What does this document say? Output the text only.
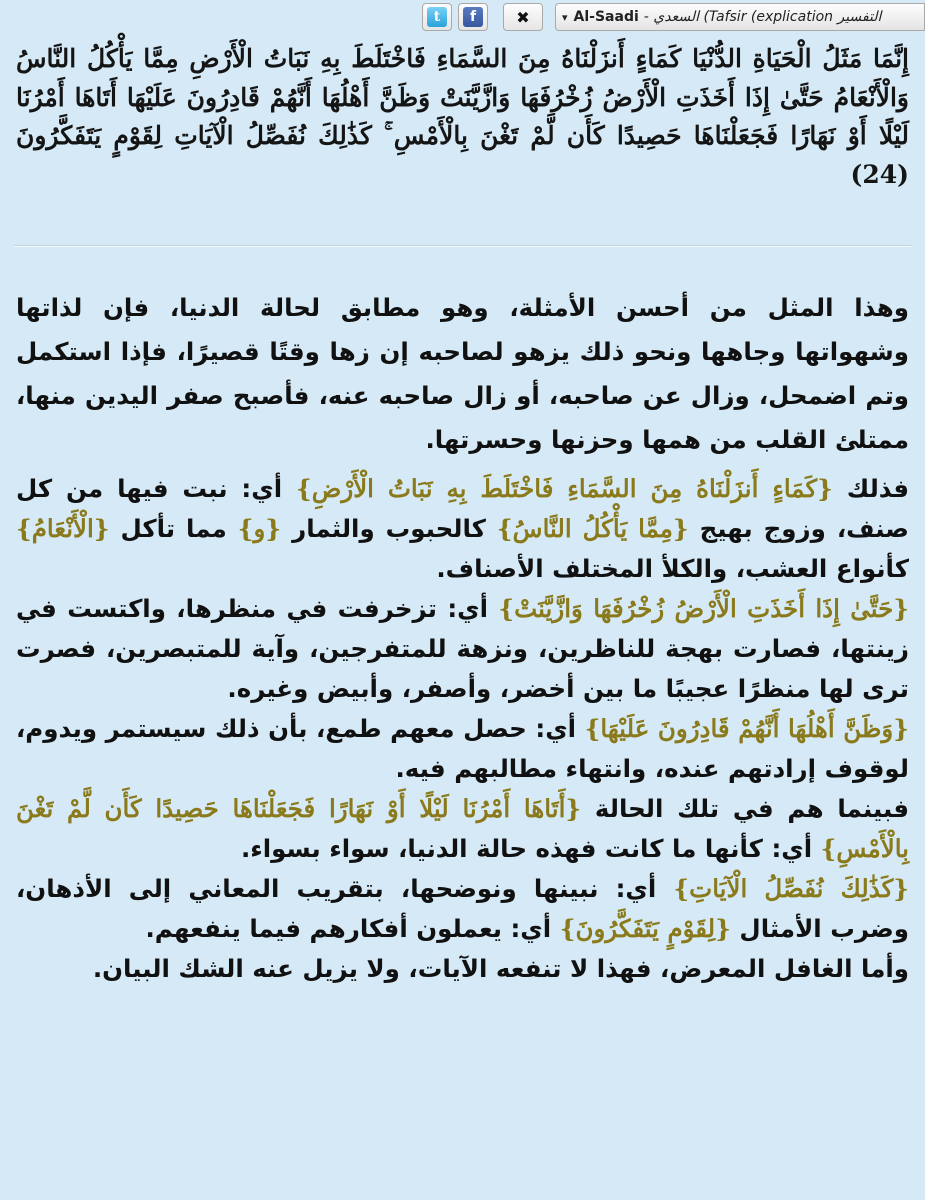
t	f	✖	▾ Al-Saadi - السعدي (Tafsir (explication التفسير
إِنَّمَا مَثَلُ الْحَيَاةِ الدُّنْيَا كَمَاءٍ أَنزَلْنَاهُ مِنَ السَّمَاءِ فَاخْتَلَطَ بِهِ نَبَاتُ الْأَرْضِ مِمَّا يَأْكُلُ النَّاسُ وَالْأَنْعَامُ حَتَّىٰ إِذَا أَخَذَتِ الْأَرْضُ زُخْرُفَهَا وَازَّيَّنَتْ وَظَنَّ أَهْلُهَا أَنَّهُمْ قَادِرُونَ عَلَيْهَا أَتَاهَا أَمْرُنَا لَيْلًا أَوْ نَهَارًا فَجَعَلْنَاهَا حَصِيدًا كَأَن لَّمْ تَغْنَ بِالْأَمْسِ ۚ كَذَٰلِكَ نُفَصِّلُ الْآيَاتِ لِقَوْمٍ يَتَفَكَّرُونَ (24)

وهذا المثل من أحسن الأمثلة، وهو مطابق لحالة الدنيا، فإن لذاتها وشهواتها وجاهها ونحو ذلك يزهو لصاحبه إن زها وقتًا قصيرًا، فإذا استكمل وتم اضمحل، وزال عن صاحبه، أو زال صاحبه عنه، فأصبح صفر اليدين منها، ممتلئ القلب من همها وحزنها وحسرتها.

فذلك {كَمَاءٍ أَنزَلْنَاهُ مِنَ السَّمَاءِ فَاخْتَلَطَ بِهِ نَبَاتُ الْأَرْضِ} أي: نبت فيها من كل صنف، وزوج بهيج {مِمَّا يَأْكُلُ النَّاسُ} كالحبوب والثمار {و} مما تأكل {الْأَنْعَامُ} كأنواع العشب، والكلأ المختلف الأصناف.

{حَتَّىٰ إِذَا أَخَذَتِ الْأَرْضُ زُخْرُفَهَا وَازَّيَّنَتْ} أي: تزخرفت في منظرها، واكتست في زينتها، فصارت بهجة للناظرين، ونزهة للمتفرجين، وآية للمتبصرين، فصرت ترى لها منظرًا عجيبًا ما بين أخضر، وأصفر، وأبيض وغيره.

{وَظَنَّ أَهْلُهَا أَنَّهُمْ قَادِرُونَ عَلَيْهَا} أي: حصل معهم طمع، بأن ذلك سيستمر ويدوم، لوقوف إرادتهم عنده، وانتهاء مطالبهم فيه.

فبينما هم في تلك الحالة {أَتَاهَا أَمْرُنَا لَيْلًا أَوْ نَهَارًا فَجَعَلْنَاهَا حَصِيدًا كَأَن لَّمْ تَغْنَ بِالْأَمْسِ} أي: كأنها ما كانت فهذه حالة الدنيا، سواء بسواء.

{كَذَٰلِكَ نُفَصِّلُ الْآيَاتِ} أي: نبينها ونوضحها، بتقريب المعاني إلى الأذهان، وضرب الأمثال {لِقَوْمٍ يَتَفَكَّرُونَ} أي: يعملون أفكارهم فيما ينفعهم.

وأما الغافل المعرض، فهذا لا تنفعه الآيات، ولا يزيل عنه الشك البيان.
